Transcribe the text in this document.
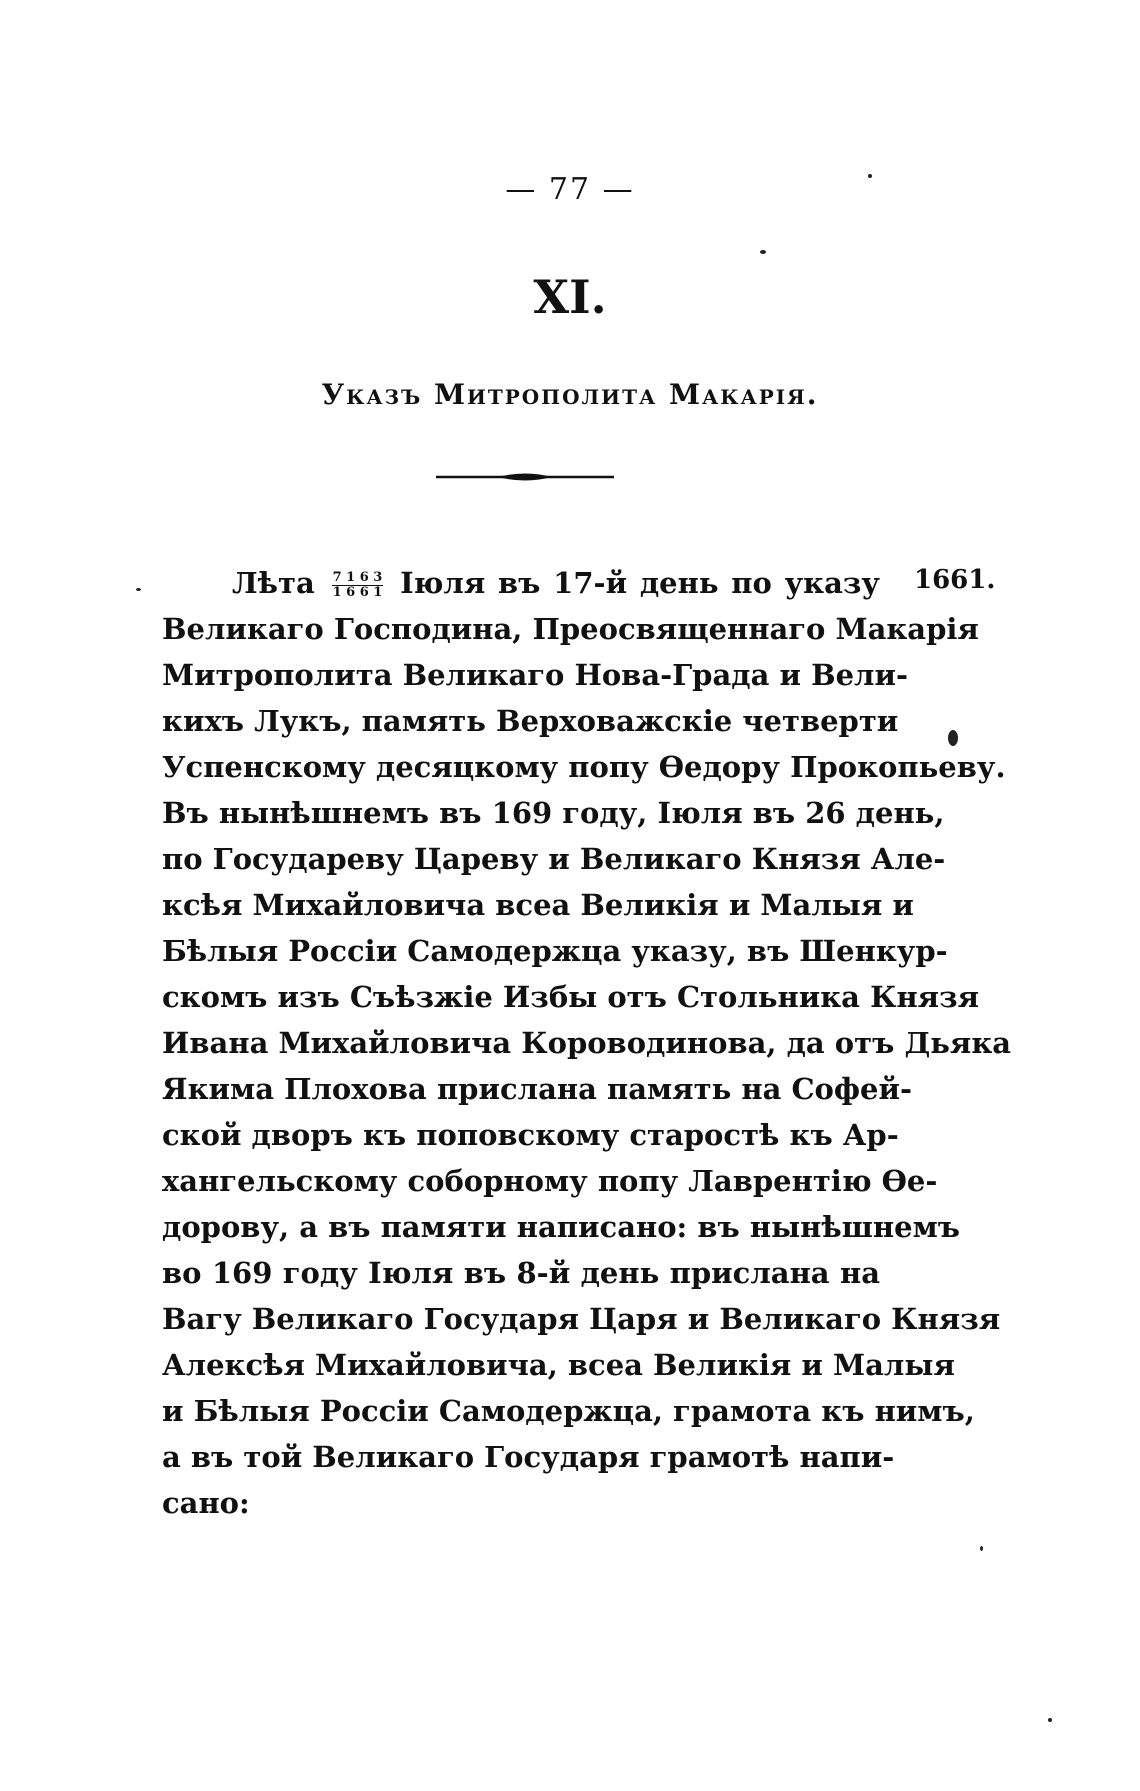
— 77 —
XI.
Указъ Митрополита Макарія.
1661.
Лѣта $\frac{7 1 6 3}{1 6 6 1}$ Іюля въ 17-й день по указу
Великаго Господина, Преосвященнаго Макарія
Митрополита Великаго Нова-Града и Вели-
кихъ Лукъ, память Верховажскіе четверти
Успенскому десяцкому попу Ѳедору Прокопьеву.
Въ нынѣшнемъ въ 169 году, Іюля въ 26 день,
по Государеву Цареву и Великаго Князя Але-
ксѣя Михайловича всеа Великія и Малыя и
Бѣлыя Россіи Самодержца указу, въ Шенкур-
скомъ изъ Съѣзжіе Избы отъ Стольника Князя
Ивана Михайловича Короводинова, да отъ Дьяка
Якима Плохова прислана память на Софей-
ской дворъ къ поповскому старостѣ къ Ар-
хангельскому соборному попу Лаврентію Ѳе-
дорову, а въ памяти написано: въ нынѣшнемъ
во 169 году Іюля въ 8-й день прислана на
Вагу Великаго Государя Царя и Великаго Князя
Алексѣя Михайловича, всеа Великія и Малыя
и Бѣлыя Россіи Самодержца, грамота къ нимъ,
а въ той Великаго Государя грамотѣ напи-
сано:
